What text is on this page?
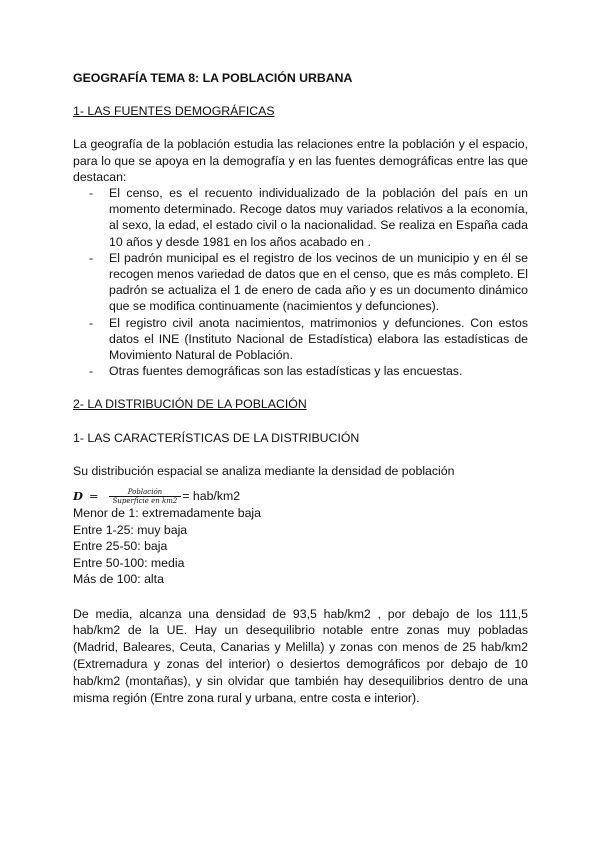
GEOGRAFÍA TEMA 8: LA POBLACIÓN URBANA

1- LAS FUENTES DEMOGRÁFICAS

La geografía de la población estudia las relaciones entre la población y el espacio, para lo que se apoya en la demografía y en las fuentes demográficas entre las que destacan:

- El censo, es el recuento individualizado de la población del país en un momento determinado. Recoge datos muy variados relativos a la economía, al sexo, la edad, el estado civil o la nacionalidad. Se realiza en España cada 10 años y desde 1981 en los años acabado en .
- El padrón municipal es el registro de los vecinos de un municipio y en él se recogen menos variedad de datos que en el censo, que es más completo. El padrón se actualiza el 1 de enero de cada año y es un documento dinámico que se modifica continuamente (nacimientos y defunciones).
- El registro civil anota nacimientos, matrimonios y defunciones. Con estos datos el INE (Instituto Nacional de Estadística) elabora las estadísticas de Movimiento Natural de Población.
- Otras fuentes demográficas son las estadísticas y las encuestas.

2- LA DISTRIBUCIÓN DE LA POBLACIÓN

1- LAS CARACTERÍSTICAS DE LA DISTRIBUCIÓN

Su distribución espacial se analiza mediante la densidad de población

$D = \frac{\text{Población}}{\text{Superficie en km2}} = hab/km2$

Menor de 1: extremadamente baja

Entre 1-25: muy baja

Entre 25-50: baja

Entre 50-100: media

Más de 100: alta

De media, alcanza una densidad de 93,5 hab/km2 , por debajo de los 111,5 hab/km2 de la UE. Hay un desequilibrio notable entre zonas muy pobladas (Madrid, Baleares, Ceuta, Canarias y Melilla) y zonas con menos de 25 hab/km2 (Extremadura y zonas del interior) o desiertos demográficos por debajo de 10 hab/km2 (montañas), y sin olvidar que también hay desequilibrios dentro de una misma región (Entre zona rural y urbana, entre costa e interior).
